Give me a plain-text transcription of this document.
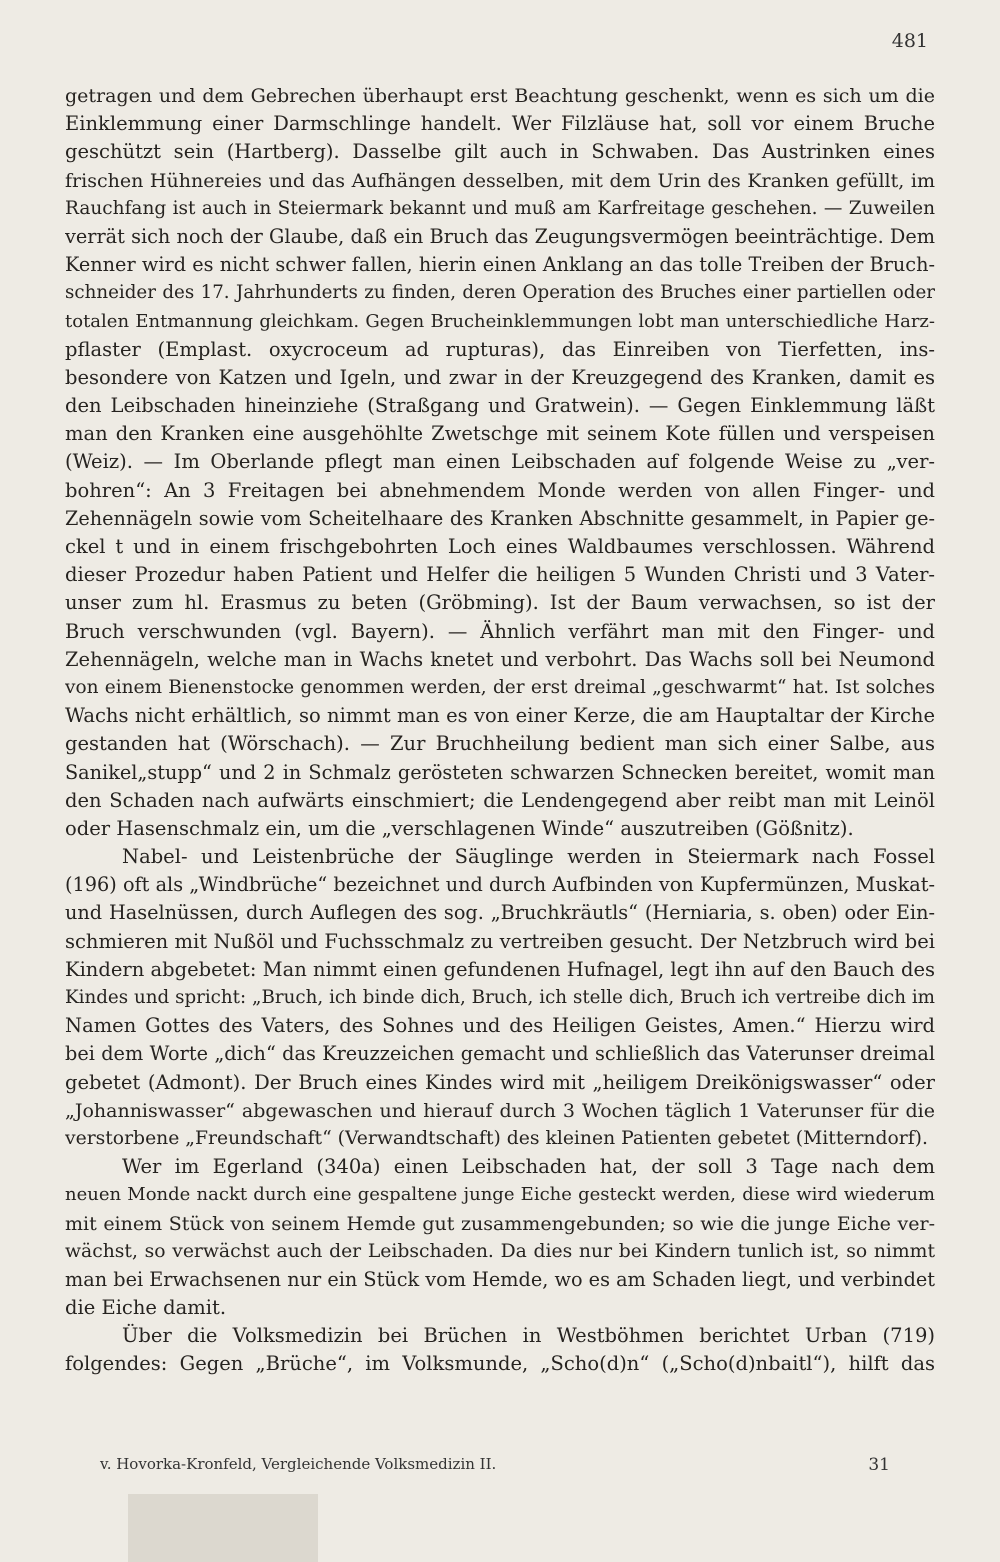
481
getragen und dem Gebrechen überhaupt erst Beachtung geschenkt, wenn es sich um die
Einklemmung einer Darmschlinge handelt. Wer Filzläuse hat, soll vor einem Bruche
geschützt sein (Hartberg). Dasselbe gilt auch in Schwaben. Das Austrinken eines
frischen Hühnereies und das Aufhängen desselben, mit dem Urin des Kranken gefüllt, im
Rauchfang ist auch in Steiermark bekannt und muß am Karfreitage geschehen. — Zuweilen
verrät sich noch der Glaube, daß ein Bruch das Zeugungsvermögen beeinträchtige. Dem
Kenner wird es nicht schwer fallen, hierin einen Anklang an das tolle Treiben der Bruch-
schneider des 17. Jahrhunderts zu finden, deren Operation des Bruches einer partiellen oder
totalen Entmannung gleichkam. Gegen Brucheinklemmungen lobt man unterschiedliche Harz-
pflaster (Emplast. oxycroceum ad rupturas), das Einreiben von Tierfetten, ins-
besondere von Katzen und Igeln, und zwar in der Kreuzgegend des Kranken, damit es
den Leibschaden hineinziehe (Straßgang und Gratwein). — Gegen Einklemmung läßt
man den Kranken eine ausgehöhlte Zwetschge mit seinem Kote füllen und verspeisen
(Weiz). — Im Oberlande pflegt man einen Leibschaden auf folgende Weise zu „ver-
bohren“: An 3 Freitagen bei abnehmendem Monde werden von allen Finger- und
Zehennägeln sowie vom Scheitelhaare des Kranken Abschnitte gesammelt, in Papier ge-
ckel t und in einem frischgebohrten Loch eines Waldbaumes verschlossen. Während
dieser Prozedur haben Patient und Helfer die heiligen 5 Wunden Christi und 3 Vater-
unser zum hl. Erasmus zu beten (Gröbming). Ist der Baum verwachsen, so ist der
Bruch verschwunden (vgl. Bayern). — Ähnlich verfährt man mit den Finger- und
Zehennägeln, welche man in Wachs knetet und verbohrt. Das Wachs soll bei Neumond
von einem Bienenstocke genommen werden, der erst dreimal „geschwarmt“ hat. Ist solches
Wachs nicht erhältlich, so nimmt man es von einer Kerze, die am Hauptaltar der Kirche
gestanden hat (Wörschach). — Zur Bruchheilung bedient man sich einer Salbe, aus
Sanikel„stupp“ und 2 in Schmalz gerösteten schwarzen Schnecken bereitet, womit man
den Schaden nach aufwärts einschmiert; die Lendengegend aber reibt man mit Leinöl
oder Hasenschmalz ein, um die „verschlagenen Winde“ auszutreiben (Gößnitz).
Nabel- und Leistenbrüche der Säuglinge werden in Steiermark nach Fossel
(196) oft als „Windbrüche“ bezeichnet und durch Aufbinden von Kupfermünzen, Muskat-
und Haselnüssen, durch Auflegen des sog. „Bruchkräutls“ (Herniaria, s. oben) oder Ein-
schmieren mit Nußöl und Fuchsschmalz zu vertreiben gesucht. Der Netzbruch wird bei
Kindern abgebetet: Man nimmt einen gefundenen Hufnagel, legt ihn auf den Bauch des
Kindes und spricht: „Bruch, ich binde dich, Bruch, ich stelle dich, Bruch ich vertreibe dich im
Namen Gottes des Vaters, des Sohnes und des Heiligen Geistes, Amen.“ Hierzu wird
bei dem Worte „dich“ das Kreuzzeichen gemacht und schließlich das Vaterunser dreimal
gebetet (Admont). Der Bruch eines Kindes wird mit „heiligem Dreikönigswasser“ oder
„Johanniswasser“ abgewaschen und hierauf durch 3 Wochen täglich 1 Vaterunser für die
verstorbene „Freundschaft“ (Verwandtschaft) des kleinen Patienten gebetet (Mitterndorf).
Wer im Egerland (340a) einen Leibschaden hat, der soll 3 Tage nach dem
neuen Monde nackt durch eine gespaltene junge Eiche gesteckt werden, diese wird wiederum
mit einem Stück von seinem Hemde gut zusammengebunden; so wie die junge Eiche ver-
wächst, so verwächst auch der Leibschaden. Da dies nur bei Kindern tunlich ist, so nimmt
man bei Erwachsenen nur ein Stück vom Hemde, wo es am Schaden liegt, und verbindet
die Eiche damit.
Über die Volksmedizin bei Brüchen in Westböhmen berichtet Urban (719)
folgendes: Gegen „Brüche“, im Volksmunde, „Scho(d)n“ („Scho(d)nbaitl“), hilft das
v. Hovorka-Kronfeld, Vergleichende Volksmedizin II.	31
